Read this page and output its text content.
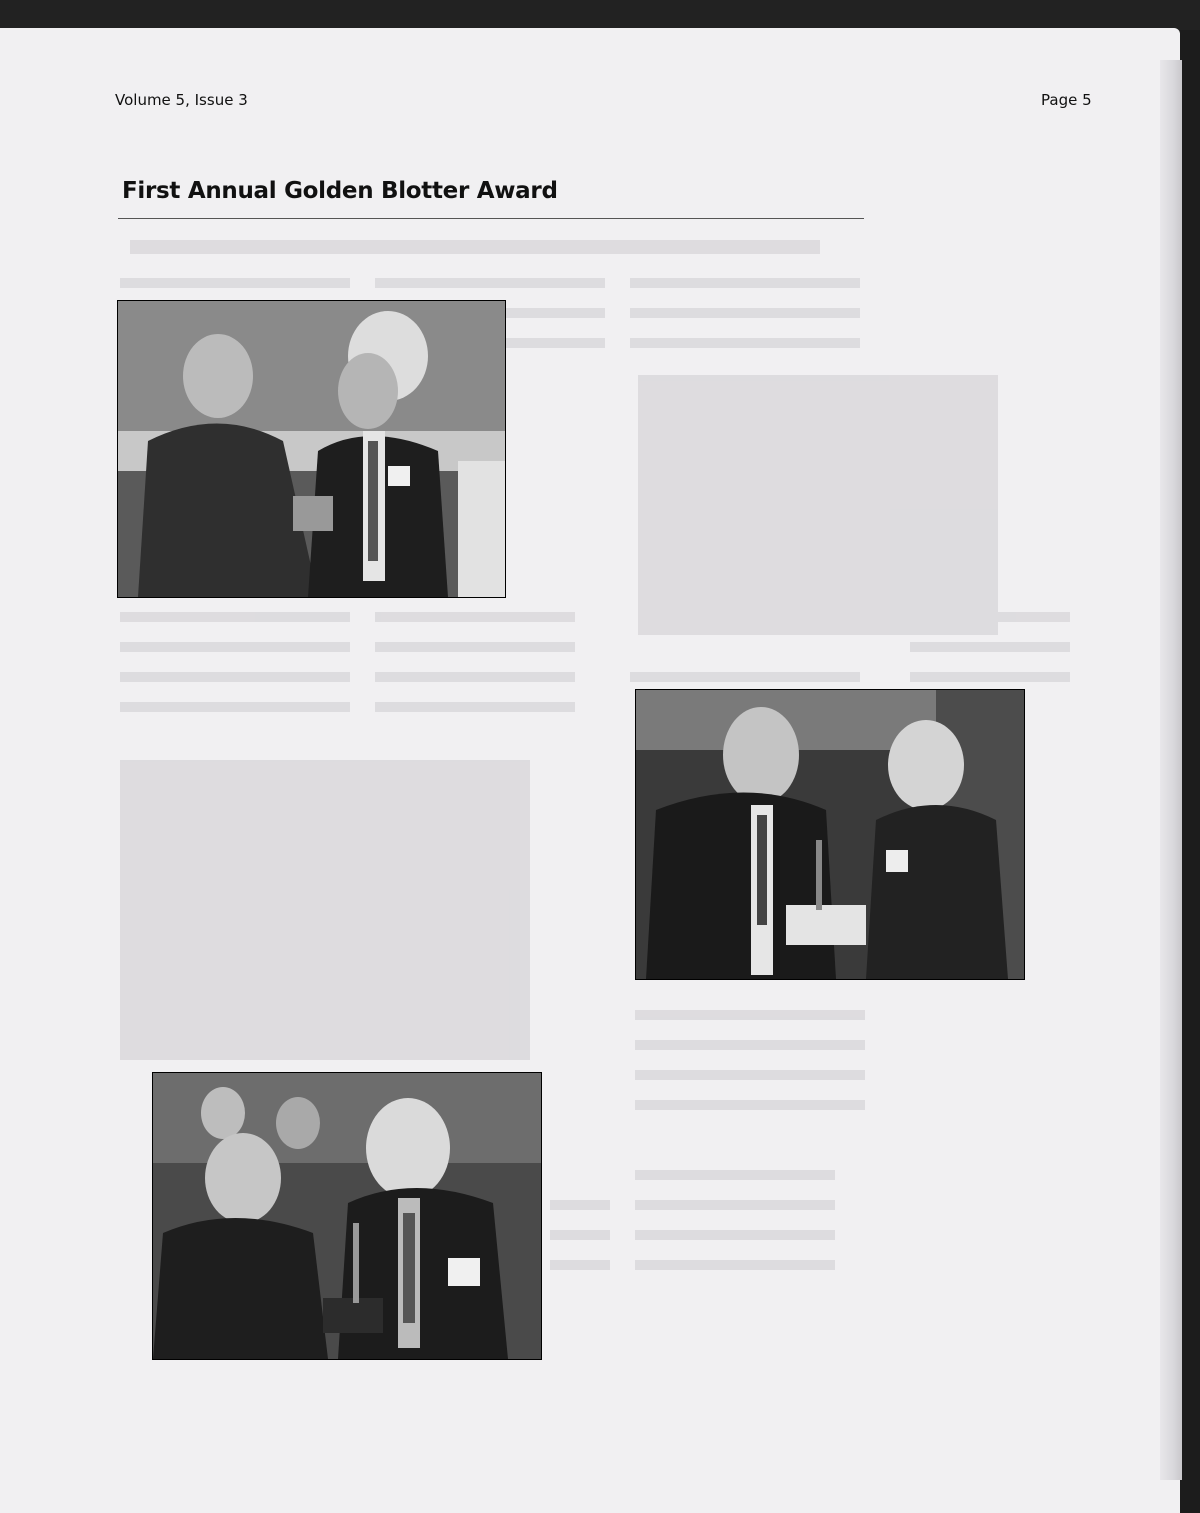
Volume 5, Issue 3	Page 5
First Annual Golden Blotter Award
